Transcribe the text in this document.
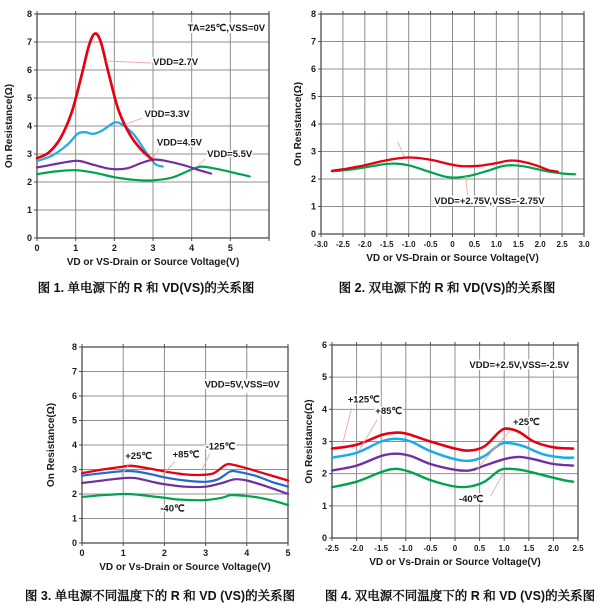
0	1	2	3	4	5
0
1
2
3
4
5
6
7
8
VDD=5.5V
VDD=4.5V
VDD=3.3V
VDD=2.7V
TA=25℃,VSS=0V
VD or VS-Drain or Source Voltage(V)
On Resistance(Ω)
-3.0 -2.5 -2.0 -1.5 -1.0 -0.5 0 0.5 1.0 1.5 2.0 2.5 3.0
0
1
2
3
4
5
6
7
8
VDD=+2.75V,VSS=-2.75V
VD or VS-Drain or Source Voltage(V)
On Resistance(Ω)
图 1. 单电源下的 R 和 VD(VS)的关系图	图 2. 双电源下的 R 和 VD(VS)的关系图
0	1	2	3	4	5
0
1
2
3
4
5
6
7
8
-40℃
+25℃ +85℃
-125℃
VDD=5V,VSS=0V
VD or Vs-Drain or Source Voltage(V)
On Resistance(Ω)
-2.5 -2.0 -1.5 -1.0 -0.5 0 0.5 1.0 1.5 2.0 2.5
0
1
2
3
4
5
6
-40℃
+25℃
+85℃
+125℃
VDD=+2.5V,VSS=-2.5V
VD or Vs-Drain or Source Voltage(V)
On Resistance(Ω)
图 3. 单电源不同温度下的 R 和 VD (VS)的关系图	图 4. 双电源不同温度下的 R 和 VD (VS)的关系图
